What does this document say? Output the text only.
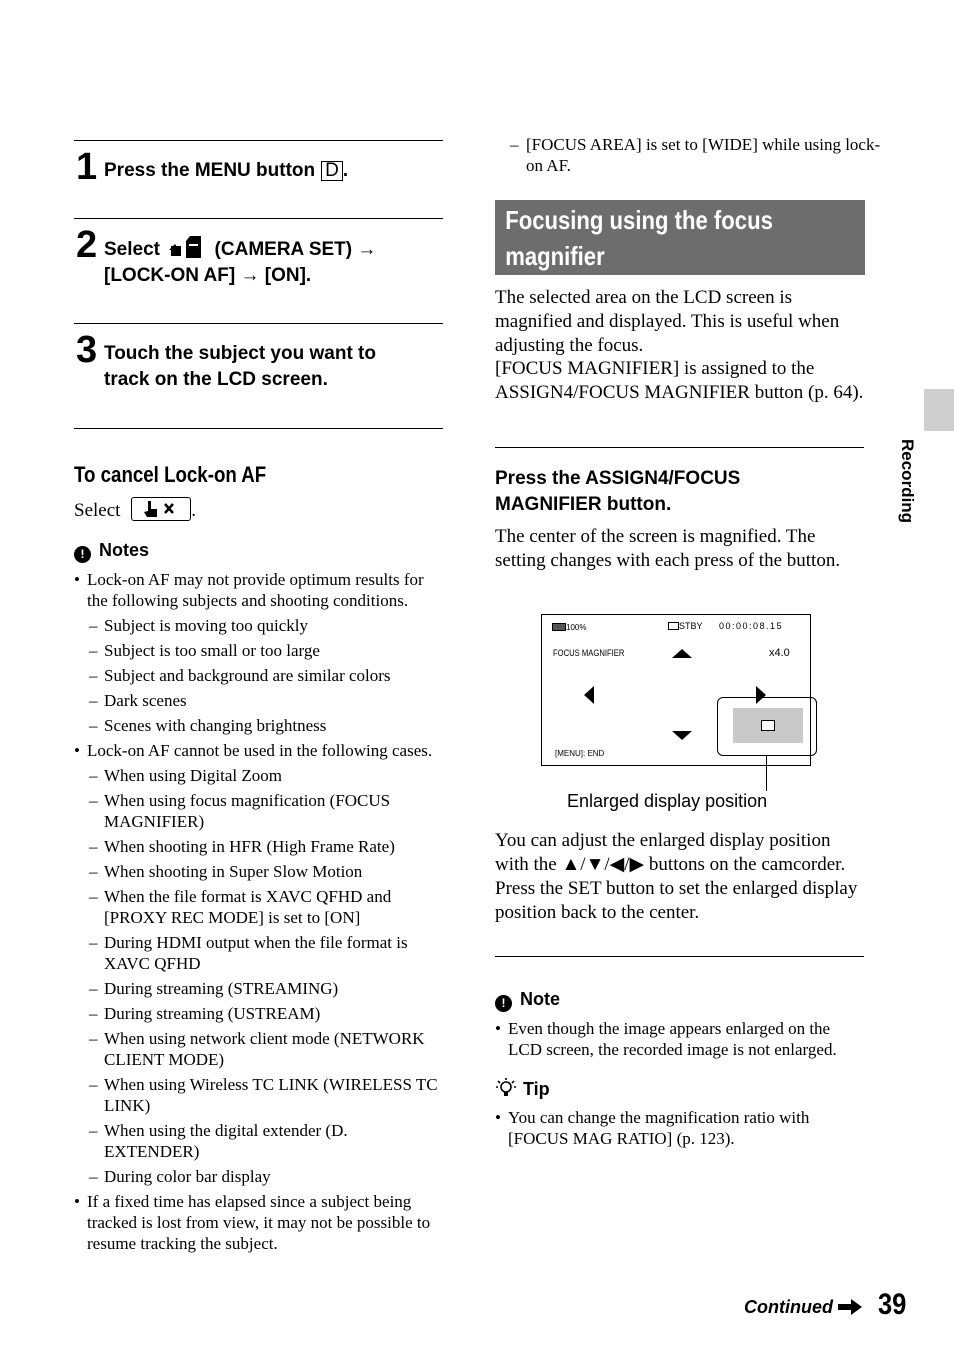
1 Press the MENU button D .
2 Select	(CAMERA SET) →
[LOCK-ON AF] → [ON].
3 Touch the subject you want to
track on the LCD screen.
To cancel Lock-on AF
Select	.
! Notes
• Lock-on AF may not provide optimum results for the following subjects and shooting conditions.
– Subject is moving too quickly
– Subject is too small or too large
– Subject and background are similar colors
– Dark scenes
– Scenes with changing brightness
• Lock-on AF cannot be used in the following cases.
– When using Digital Zoom
– When using focus magnification (FOCUS MAGNIFIER)
– When shooting in HFR (High Frame Rate)
– When shooting in Super Slow Motion
– When the file format is XAVC QFHD and [PROXY REC MODE] is set to [ON]
– During HDMI output when the file format is XAVC QFHD
– During streaming (STREAMING)
– During streaming (USTREAM)
– When using network client mode (NETWORK CLIENT MODE)
– When using Wireless TC LINK (WIRELESS TC LINK)
– When using the digital extender (D. EXTENDER)
– During color bar display
• If a fixed time has elapsed since a subject being tracked is lost from view, it may not be possible to resume tracking the subject.
– [FOCUS AREA] is set to [WIDE] while using lock-on AF.
Focusing using the focus
magnifier
The selected area on the LCD screen is magnified and displayed. This is useful when adjusting the focus.
[FOCUS MAGNIFIER] is assigned to the ASSIGN4/FOCUS MAGNIFIER button (p. 64).
Press the ASSIGN4/FOCUS MAGNIFIER button.
The center of the screen is magnified. The setting changes with each press of the button.
100%	STBY 00:00:08.15
FOCUS MAGNIFIER	x4.0
[MENU]: END
Enlarged display position
You can adjust the enlarged display position with the ▲/▼/◀/▶ buttons on the camcorder. Press the SET button to set the enlarged display position back to the center.
! Note
• Even though the image appears enlarged on the LCD screen, the recorded image is not enlarged.
Tip
• You can change the magnification ratio with [FOCUS MAG RATIO] (p. 123).
Recording
Continued	39
